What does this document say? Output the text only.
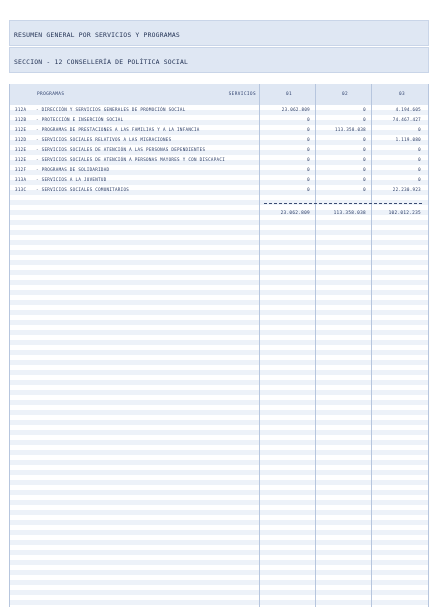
RESUMEN GENERAL POR SERVICIOS Y PROGRAMAS
SECCION - 12 CONSELLERÍA DE POLÍTICA SOCIAL
PROGRAMAS	SERVICIOS	01	02	03
312A - DIRECCIÓN Y SERVICIOS GENERALES DE PROMOCIÓN SOCIAL	23.062.809	0	4.194.605
312B - PROTECCIÓN E INSERCIÓN SOCIAL	0	0	74.467.427
312E - PROGRAMAS DE PRESTACIONES A LAS FAMILIAS Y A LA INFANCIA	0	113.358.038	0
312D - SERVICIOS SOCIALES RELATIVOS A LAS MIGRACIONES	0	0	1.119.080
312E - SERVICIOS SOCIALES DE ATENCIÓN A LAS PERSONAS DEPENDIENTES	0	0	0
312E - SERVICIOS SOCIALES DE ATENCIÓN A PERSONAS MAYORES Y CON DISCAPACI	0	0	0
312F - PROGRAMAS DE SOLIDARIDAD	0	0	0
313A - SERVICIOS A LA JUVENTUD	0	0	0
313C - SERVICIOS SOCIALES COMUNITARIOS	0	0	22.230.923
23.062.809	113.358.038	102.012.235
